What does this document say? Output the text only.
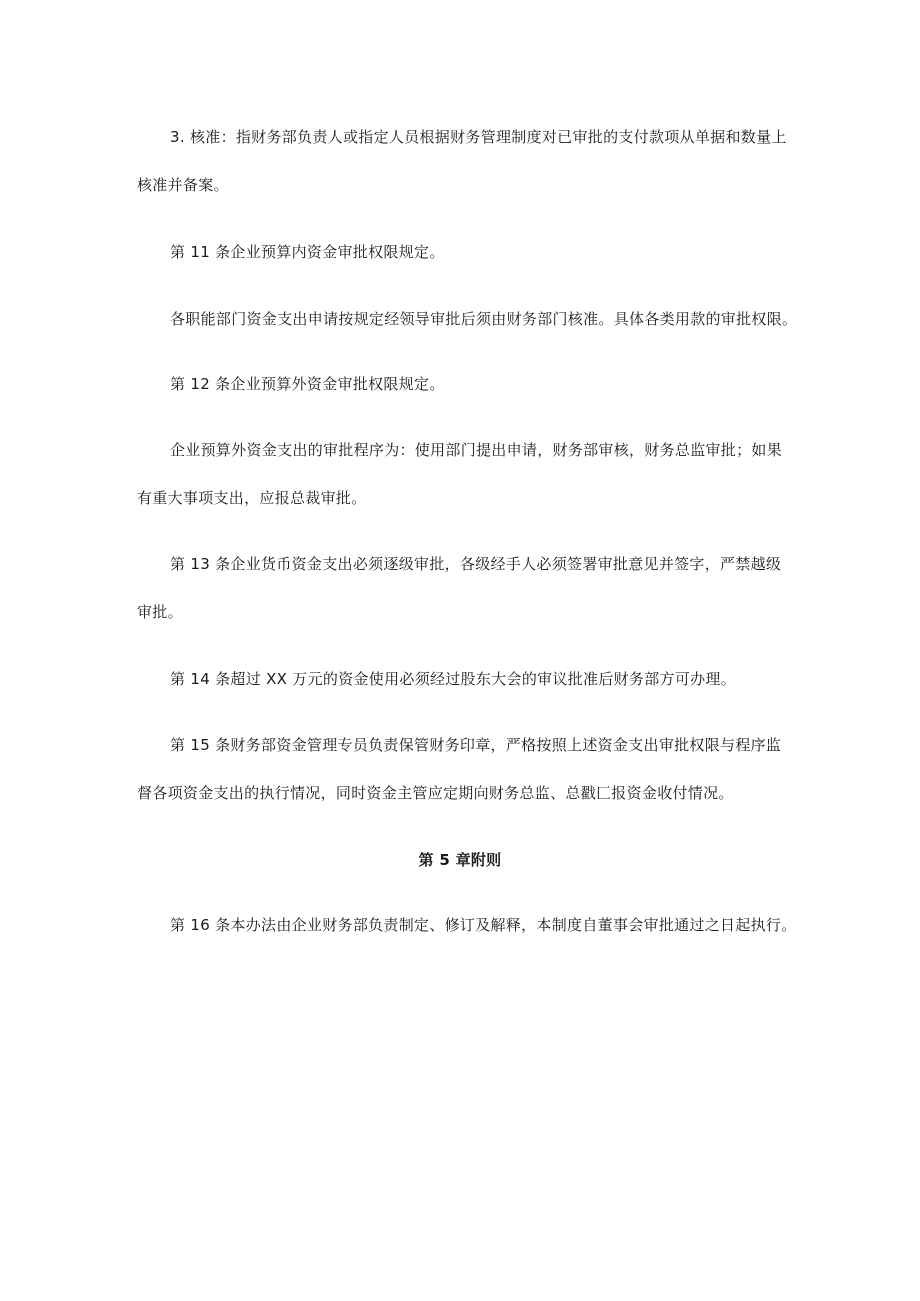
3. 核准：指财务部负责人或指定人员根据财务管理制度对已审批的支付款项从单据和数量上
核准并备案。
第 11 条企业预算内资金审批权限规定。
各职能部门资金支出申请按规定经领导审批后须由财务部门核准。具体各类用款的审批权限。
第 12 条企业预算外资金审批权限规定。
企业预算外资金支出的审批程序为：使用部门提出申请，财务部审核，财务总监审批；如果
有重大事项支出，应报总裁审批。
第 13 条企业货币资金支出必须逐级审批，各级经手人必须签署审批意见并签字，严禁越级
审批。
第 14 条超过 XX 万元的资金使用必须经过股东大会的审议批准后财务部方可办理。
第 15 条财务部资金管理专员负责保管财务印章，严格按照上述资金支出审批权限与程序监
督各项资金支出的执行情况，同时资金主管应定期向财务总监、总戳匚报资金收付情况。
第 5 章附则
第 16 条本办法由企业财务部负责制定、修订及解释，本制度自董事会审批通过之日起执行。
